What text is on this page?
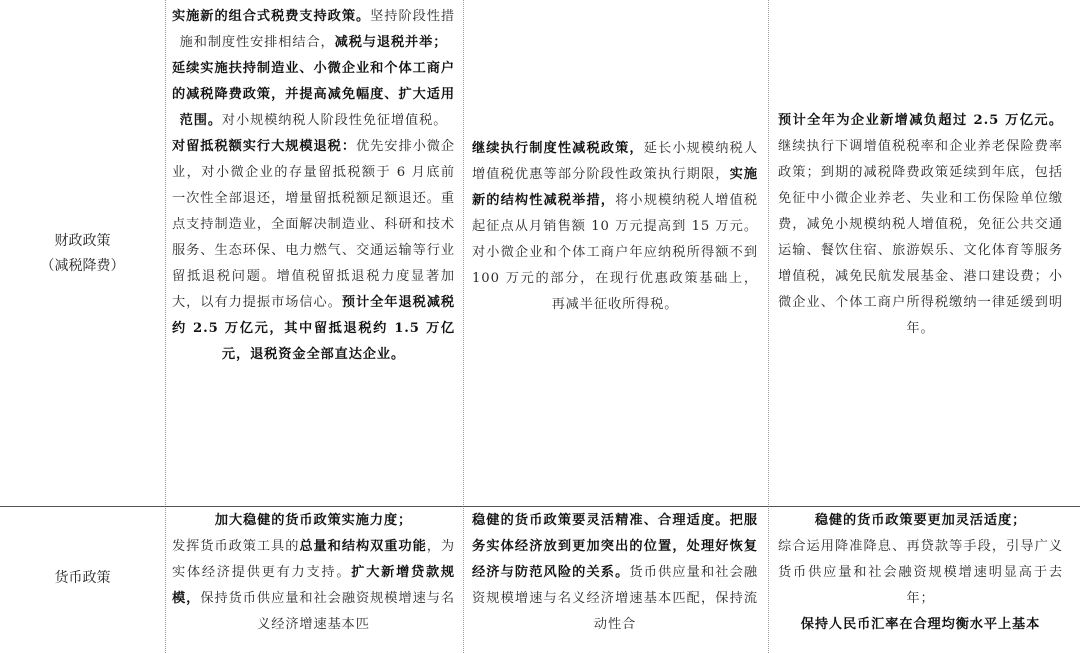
财政政策
（减税降费）

实施新的组合式税费支持政策。坚持阶段性措施和制度性安排相结合，减税与退税并举；

延续实施扶持制造业、小微企业和个体工商户的减税降费政策，并提高减免幅度、扩大适用范围。对小规模纳税人阶段性免征增值税。

对留抵税额实行大规模退税：优先安排小微企业，对小微企业的存量留抵税额于 6 月底前一次性全部退还，增量留抵税额足额退还。重点支持制造业，全面解决制造业、科研和技术服务、生态环保、电力燃气、交通运输等行业留抵退税问题。增值税留抵退税力度显著加大，以有力提振市场信心。预计全年退税减税约 2.5 万亿元，其中留抵退税约 1.5 万亿元，退税资金全部直达企业。

继续执行制度性减税政策，延长小规模纳税人增值税优惠等部分阶段性政策执行期限，实施新的结构性减税举措，将小规模纳税人增值税起征点从月销售额 10 万元提高到 15 万元。对小微企业和个体工商户年应纳税所得额不到 100 万元的部分，在现行优惠政策基础上，再减半征收所得税。

预计全年为企业新增减负超过 2.5 万亿元。继续执行下调增值税税率和企业养老保险费率政策；到期的减税降费政策延续到年底，包括免征中小微企业养老、失业和工伤保险单位缴费，减免小规模纳税人增值税，免征公共交通运输、餐饮住宿、旅游娱乐、文化体育等服务增值税，减免民航发展基金、港口建设费；小微企业、个体工商户所得税缴纳一律延缓到明年。

货币政策

加大稳健的货币政策实施力度；

发挥货币政策工具的总量和结构双重功能，为实体经济提供更有力支持。扩大新增贷款规模，保持货币供应量和社会融资规模增速与名义经济增速基本匹

稳健的货币政策要灵活精准、合理适度。把服务实体经济放到更加突出的位置，处理好恢复经济与防范风险的关系。货币供应量和社会融资规模增速与名义经济增速基本匹配，保持流动性合

稳健的货币政策要更加灵活适度；

综合运用降准降息、再贷款等手段，引导广义货币供应量和社会融资规模增速明显高于去年；

保持人民币汇率在合理均衡水平上基本
